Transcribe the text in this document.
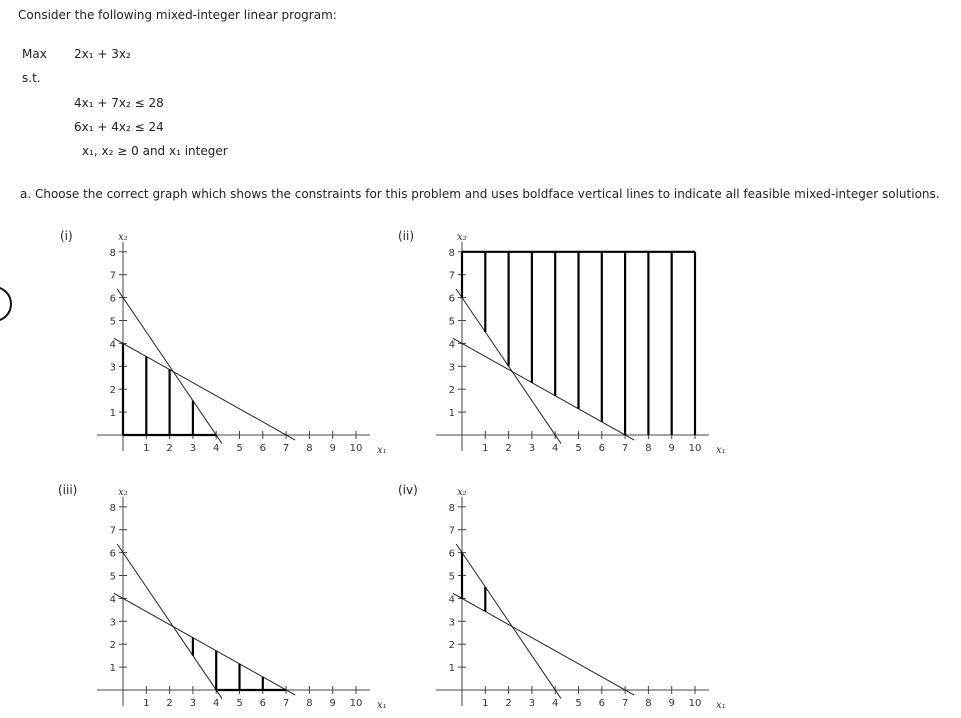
Consider the following mixed-integer linear program:
Max
s.t.
2x₁ + 3x₂
4x₁ + 7x₂ ≤ 28
6x₁ + 4x₂ ≤ 24
x₁, x₂ ≥ 0 and x₁ integer
a. Choose the correct graph which shows the constraints for this problem and uses boldface vertical lines to indicate all feasible mixed-integer solutions.
(i)	(ii)
(iii)	(iv)
1 2 3 4 5 6 7 8 9 10 x₁
1
2
3
4
5
6
7
8
x₂
1 2 3 4 5 6 7 8 9 10 x₁
1
2
3
4
5
6
7
8
x₂
1 2 3 4 5 6 7 8 9 10 x₁
1
2
3
4
5
6
7
8
x₂
1 2 3 4 5 6 7 8 9 10 x₁
1
2
3
4
5
6
7
8
x₂
